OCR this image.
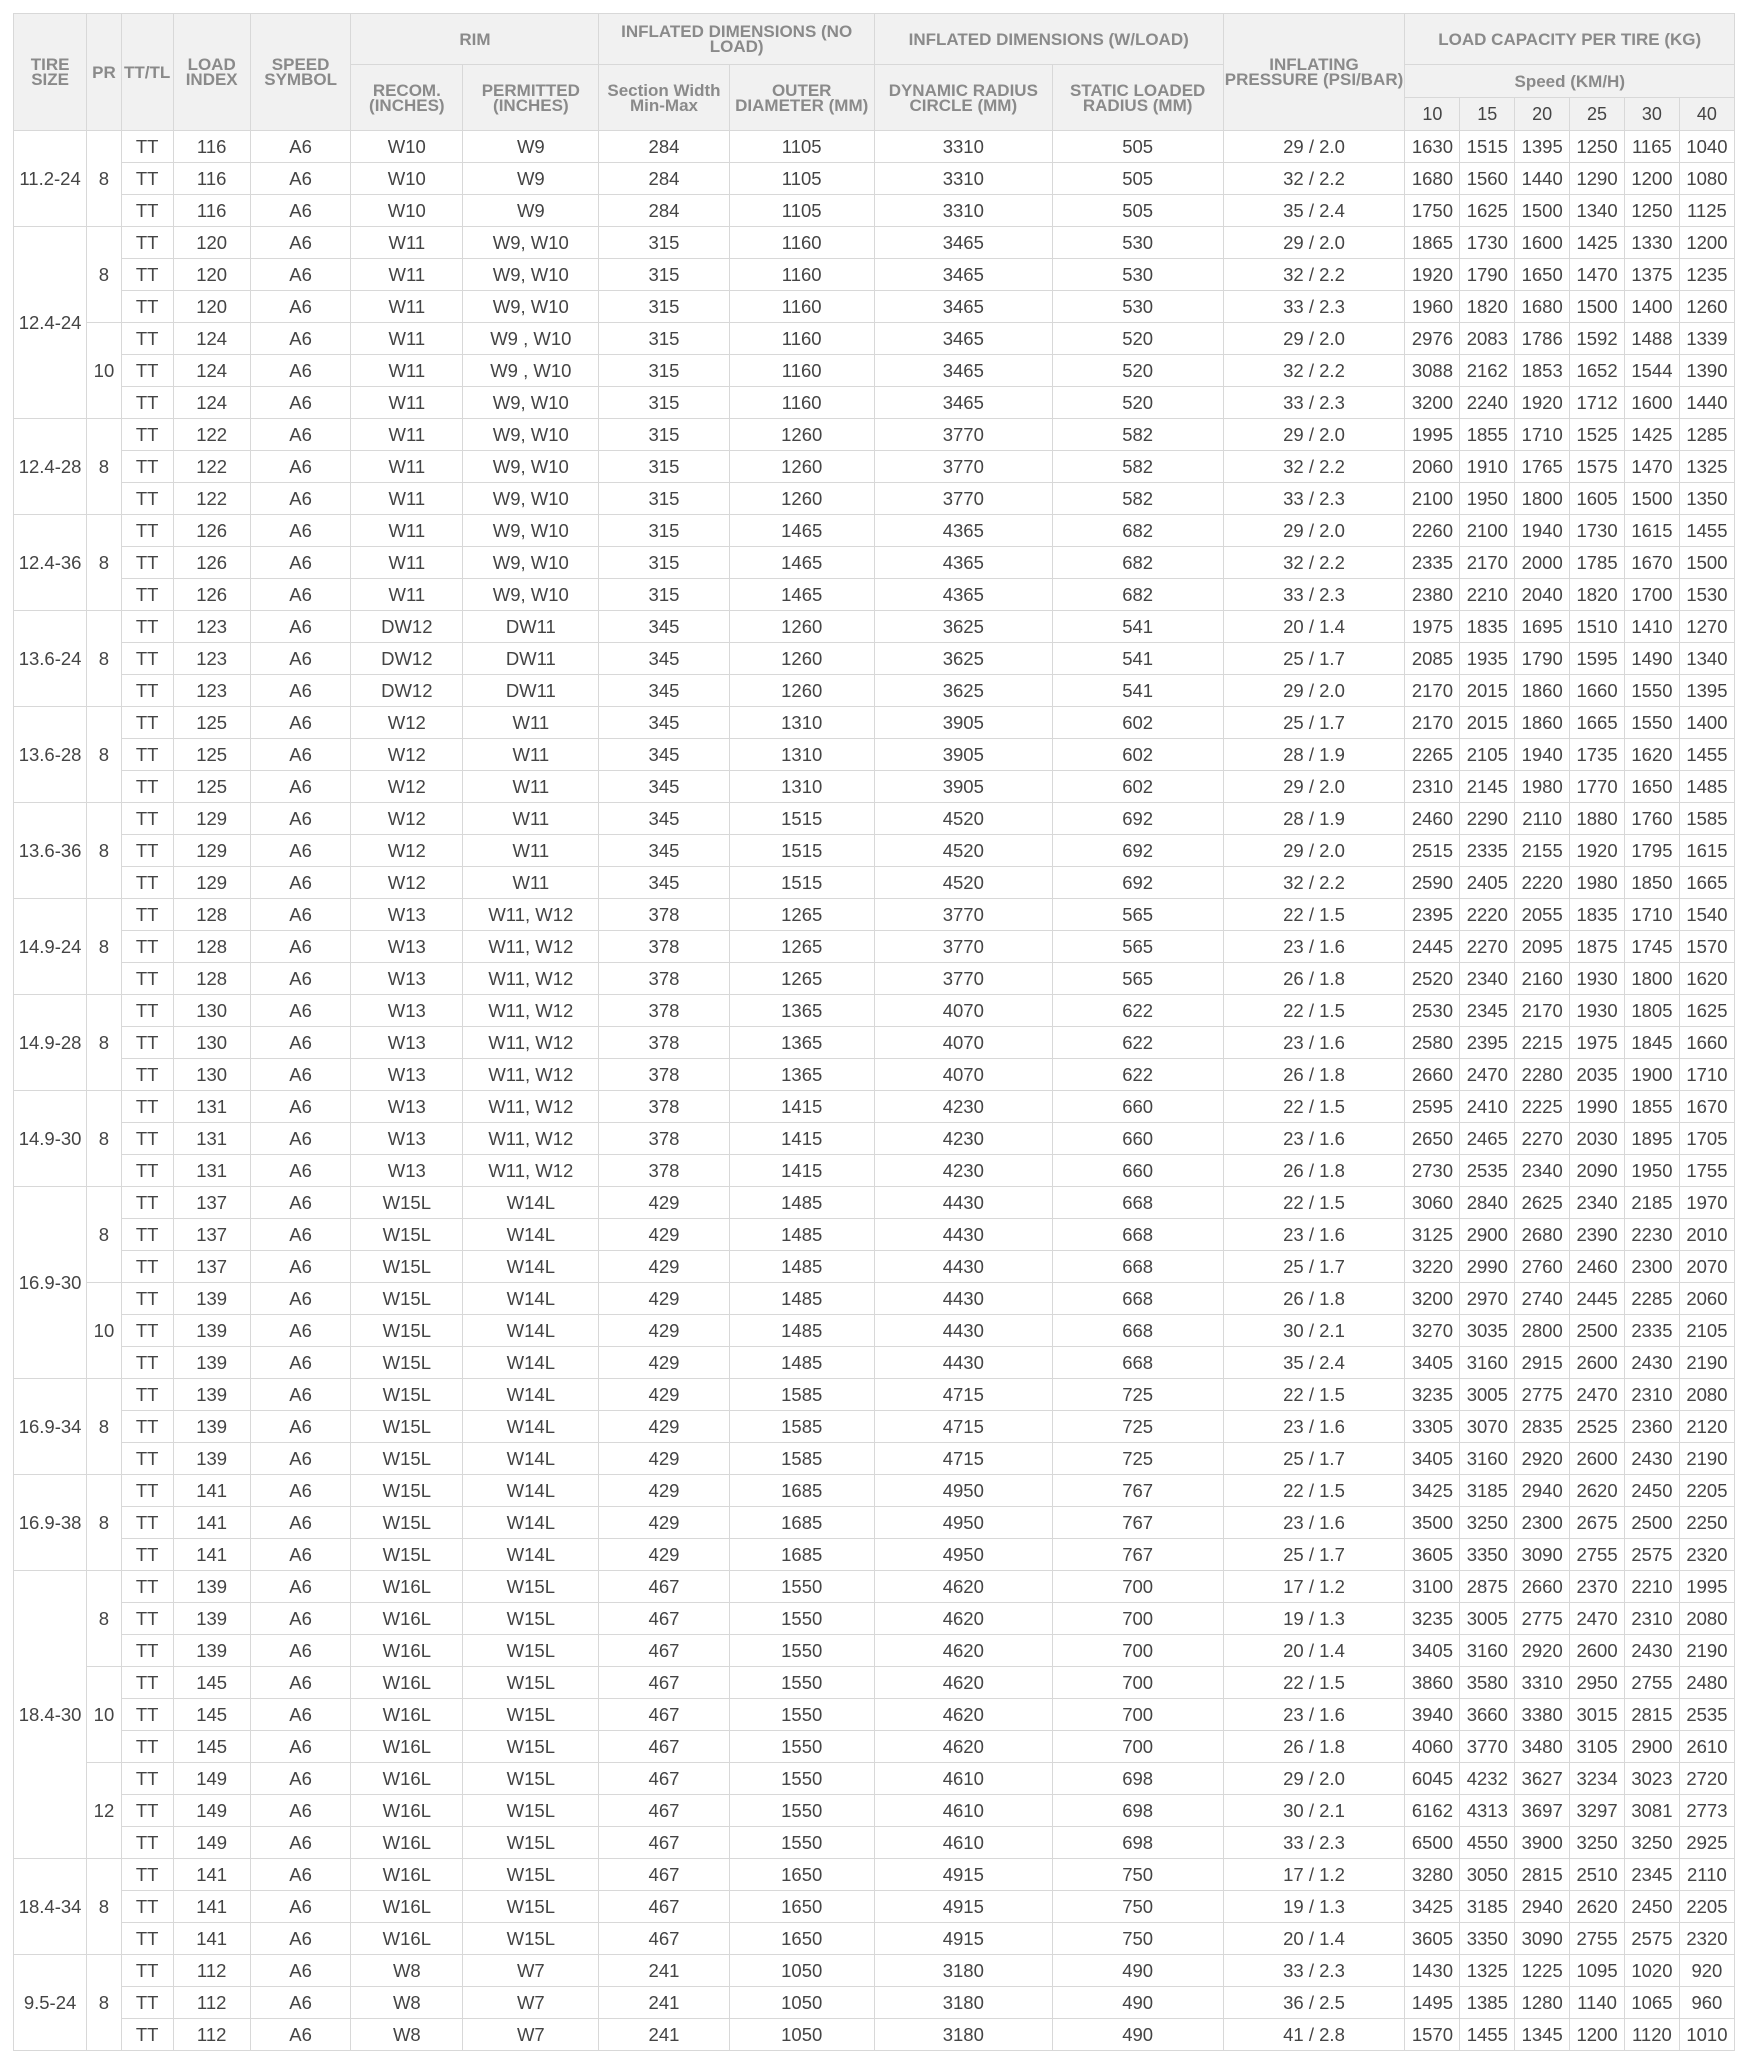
TIRE SIZE	PR	TT/TL	LOAD INDEX	SPEED SYMBOL	RIM		INFLATED DIMENSIONS (NO LOAD)		INFLATED DIMENSIONS (W/LOAD)		INFLATING PRESSURE (PSI/BAR)	LOAD CAPACITY PER TIRE (KG)					
					RECOM. (INCHES)	PERMITTED (INCHES)	Section Width Min-Max	OUTER DIAMETER (MM)	DYNAMIC RADIUS CIRCLE (MM)	STATIC LOADED RADIUS (MM)		Speed (KM/H)					
												10	15	20	25	30	40
11.2-24	8	TT	116	A6	W10	W9	284	1105	3310	505	29 / 2.0	1630	1515	1395	1250	1165	1040
		TT	116	A6	W10	W9	284	1105	3310	505	32 / 2.2	1680	1560	1440	1290	1200	1080
		TT	116	A6	W10	W9	284	1105	3310	505	35 / 2.4	1750	1625	1500	1340	1250	1125
12.4-24	8	TT	120	A6	W11	W9, W10	315	1160	3465	530	29 / 2.0	1865	1730	1600	1425	1330	1200
		TT	120	A6	W11	W9, W10	315	1160	3465	530	32 / 2.2	1920	1790	1650	1470	1375	1235
		TT	120	A6	W11	W9, W10	315	1160	3465	530	33 / 2.3	1960	1820	1680	1500	1400	1260
	10	TT	124	A6	W11	W9 , W10	315	1160	3465	520	29 / 2.0	2976	2083	1786	1592	1488	1339
		TT	124	A6	W11	W9 , W10	315	1160	3465	520	32 / 2.2	3088	2162	1853	1652	1544	1390
		TT	124	A6	W11	W9, W10	315	1160	3465	520	33 / 2.3	3200	2240	1920	1712	1600	1440
12.4-28	8	TT	122	A6	W11	W9, W10	315	1260	3770	582	29 / 2.0	1995	1855	1710	1525	1425	1285
		TT	122	A6	W11	W9, W10	315	1260	3770	582	32 / 2.2	2060	1910	1765	1575	1470	1325
		TT	122	A6	W11	W9, W10	315	1260	3770	582	33 / 2.3	2100	1950	1800	1605	1500	1350
12.4-36	8	TT	126	A6	W11	W9, W10	315	1465	4365	682	29 / 2.0	2260	2100	1940	1730	1615	1455
		TT	126	A6	W11	W9, W10	315	1465	4365	682	32 / 2.2	2335	2170	2000	1785	1670	1500
		TT	126	A6	W11	W9, W10	315	1465	4365	682	33 / 2.3	2380	2210	2040	1820	1700	1530
13.6-24	8	TT	123	A6	DW12	DW11	345	1260	3625	541	20 / 1.4	1975	1835	1695	1510	1410	1270
		TT	123	A6	DW12	DW11	345	1260	3625	541	25 / 1.7	2085	1935	1790	1595	1490	1340
		TT	123	A6	DW12	DW11	345	1260	3625	541	29 / 2.0	2170	2015	1860	1660	1550	1395
13.6-28	8	TT	125	A6	W12	W11	345	1310	3905	602	25 / 1.7	2170	2015	1860	1665	1550	1400
		TT	125	A6	W12	W11	345	1310	3905	602	28 / 1.9	2265	2105	1940	1735	1620	1455
		TT	125	A6	W12	W11	345	1310	3905	602	29 / 2.0	2310	2145	1980	1770	1650	1485
13.6-36	8	TT	129	A6	W12	W11	345	1515	4520	692	28 / 1.9	2460	2290	2110	1880	1760	1585
		TT	129	A6	W12	W11	345	1515	4520	692	29 / 2.0	2515	2335	2155	1920	1795	1615
		TT	129	A6	W12	W11	345	1515	4520	692	32 / 2.2	2590	2405	2220	1980	1850	1665
14.9-24	8	TT	128	A6	W13	W11, W12	378	1265	3770	565	22 / 1.5	2395	2220	2055	1835	1710	1540
		TT	128	A6	W13	W11, W12	378	1265	3770	565	23 / 1.6	2445	2270	2095	1875	1745	1570
		TT	128	A6	W13	W11, W12	378	1265	3770	565	26 / 1.8	2520	2340	2160	1930	1800	1620
14.9-28	8	TT	130	A6	W13	W11, W12	378	1365	4070	622	22 / 1.5	2530	2345	2170	1930	1805	1625
		TT	130	A6	W13	W11, W12	378	1365	4070	622	23 / 1.6	2580	2395	2215	1975	1845	1660
		TT	130	A6	W13	W11, W12	378	1365	4070	622	26 / 1.8	2660	2470	2280	2035	1900	1710
14.9-30	8	TT	131	A6	W13	W11, W12	378	1415	4230	660	22 / 1.5	2595	2410	2225	1990	1855	1670
		TT	131	A6	W13	W11, W12	378	1415	4230	660	23 / 1.6	2650	2465	2270	2030	1895	1705
		TT	131	A6	W13	W11, W12	378	1415	4230	660	26 / 1.8	2730	2535	2340	2090	1950	1755
16.9-30	8	TT	137	A6	W15L	W14L	429	1485	4430	668	22 / 1.5	3060	2840	2625	2340	2185	1970
		TT	137	A6	W15L	W14L	429	1485	4430	668	23 / 1.6	3125	2900	2680	2390	2230	2010
		TT	137	A6	W15L	W14L	429	1485	4430	668	25 / 1.7	3220	2990	2760	2460	2300	2070
	10	TT	139	A6	W15L	W14L	429	1485	4430	668	26 / 1.8	3200	2970	2740	2445	2285	2060
		TT	139	A6	W15L	W14L	429	1485	4430	668	30 / 2.1	3270	3035	2800	2500	2335	2105
		TT	139	A6	W15L	W14L	429	1485	4430	668	35 / 2.4	3405	3160	2915	2600	2430	2190
16.9-34	8	TT	139	A6	W15L	W14L	429	1585	4715	725	22 / 1.5	3235	3005	2775	2470	2310	2080
		TT	139	A6	W15L	W14L	429	1585	4715	725	23 / 1.6	3305	3070	2835	2525	2360	2120
		TT	139	A6	W15L	W14L	429	1585	4715	725	25 / 1.7	3405	3160	2920	2600	2430	2190
16.9-38	8	TT	141	A6	W15L	W14L	429	1685	4950	767	22 / 1.5	3425	3185	2940	2620	2450	2205
		TT	141	A6	W15L	W14L	429	1685	4950	767	23 / 1.6	3500	3250	2300	2675	2500	2250
		TT	141	A6	W15L	W14L	429	1685	4950	767	25 / 1.7	3605	3350	3090	2755	2575	2320
18.4-30	8	TT	139	A6	W16L	W15L	467	1550	4620	700	17 / 1.2	3100	2875	2660	2370	2210	1995
		TT	139	A6	W16L	W15L	467	1550	4620	700	19 / 1.3	3235	3005	2775	2470	2310	2080
		TT	139	A6	W16L	W15L	467	1550	4620	700	20 / 1.4	3405	3160	2920	2600	2430	2190
	10	TT	145	A6	W16L	W15L	467	1550	4620	700	22 / 1.5	3860	3580	3310	2950	2755	2480
		TT	145	A6	W16L	W15L	467	1550	4620	700	23 / 1.6	3940	3660	3380	3015	2815	2535
		TT	145	A6	W16L	W15L	467	1550	4620	700	26 / 1.8	4060	3770	3480	3105	2900	2610
	12	TT	149	A6	W16L	W15L	467	1550	4610	698	29 / 2.0	6045	4232	3627	3234	3023	2720
		TT	149	A6	W16L	W15L	467	1550	4610	698	30 / 2.1	6162	4313	3697	3297	3081	2773
		TT	149	A6	W16L	W15L	467	1550	4610	698	33 / 2.3	6500	4550	3900	3250	3250	2925
18.4-34	8	TT	141	A6	W16L	W15L	467	1650	4915	750	17 / 1.2	3280	3050	2815	2510	2345	2110
		TT	141	A6	W16L	W15L	467	1650	4915	750	19 / 1.3	3425	3185	2940	2620	2450	2205
		TT	141	A6	W16L	W15L	467	1650	4915	750	20 / 1.4	3605	3350	3090	2755	2575	2320
9.5-24	8	TT	112	A6	W8	W7	241	1050	3180	490	33 / 2.3	1430	1325	1225	1095	1020	920
		TT	112	A6	W8	W7	241	1050	3180	490	36 / 2.5	1495	1385	1280	1140	1065	960
		TT	112	A6	W8	W7	241	1050	3180	490	41 / 2.8	1570	1455	1345	1200	1120	1010
